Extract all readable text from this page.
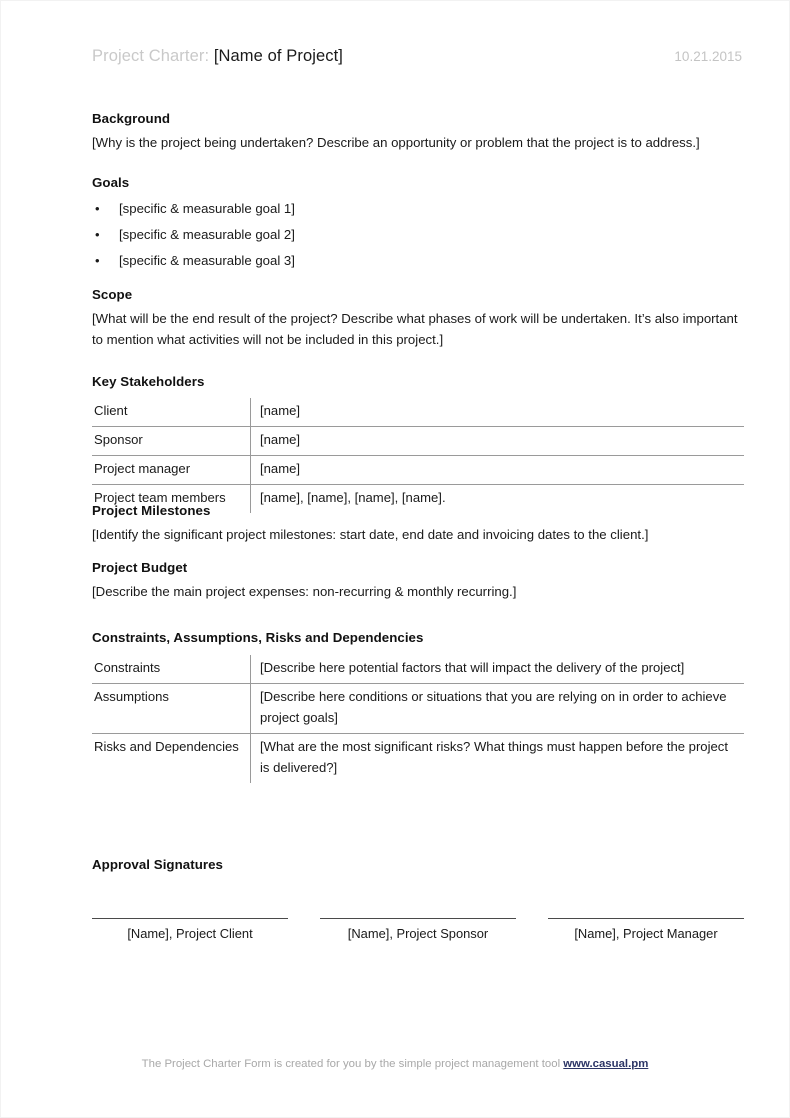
Project Charter: [Name of Project]	10.21.2015
Background

[Why is the project being undertaken? Describe an opportunity or problem that the project is to address.]

Goals
• [specific & measurable goal 1]
• [specific & measurable goal 2]
• [specific & measurable goal 3]
Scope

[What will be the end result of the project? Describe what phases of work will be undertaken. It’s also important to mention what activities will not be included in this project.]

Key Stakeholders
Client	[name]
Sponsor	[name]
Project manager	[name]
Project team members	[name], [name], [name], [name].
Project Milestones

[Identify the significant project milestones: start date, end date and invoicing dates to the client.]

Project Budget

[Describe the main project expenses: non-recurring & monthly recurring.]

Constraints, Assumptions, Risks and Dependencies
Constraints	[Describe here potential factors that will impact the delivery of the project]
Assumptions	[Describe here conditions or situations that you are relying on in order to achieve project goals]
Risks and Dependencies	[What are the most significant risks? What things must happen before the project is delivered?]
Approval Signatures
[Name], Project Client	[Name], Project Sponsor	[Name], Project Manager
The Project Charter Form is created for you by the simple project management tool www.casual.pm
